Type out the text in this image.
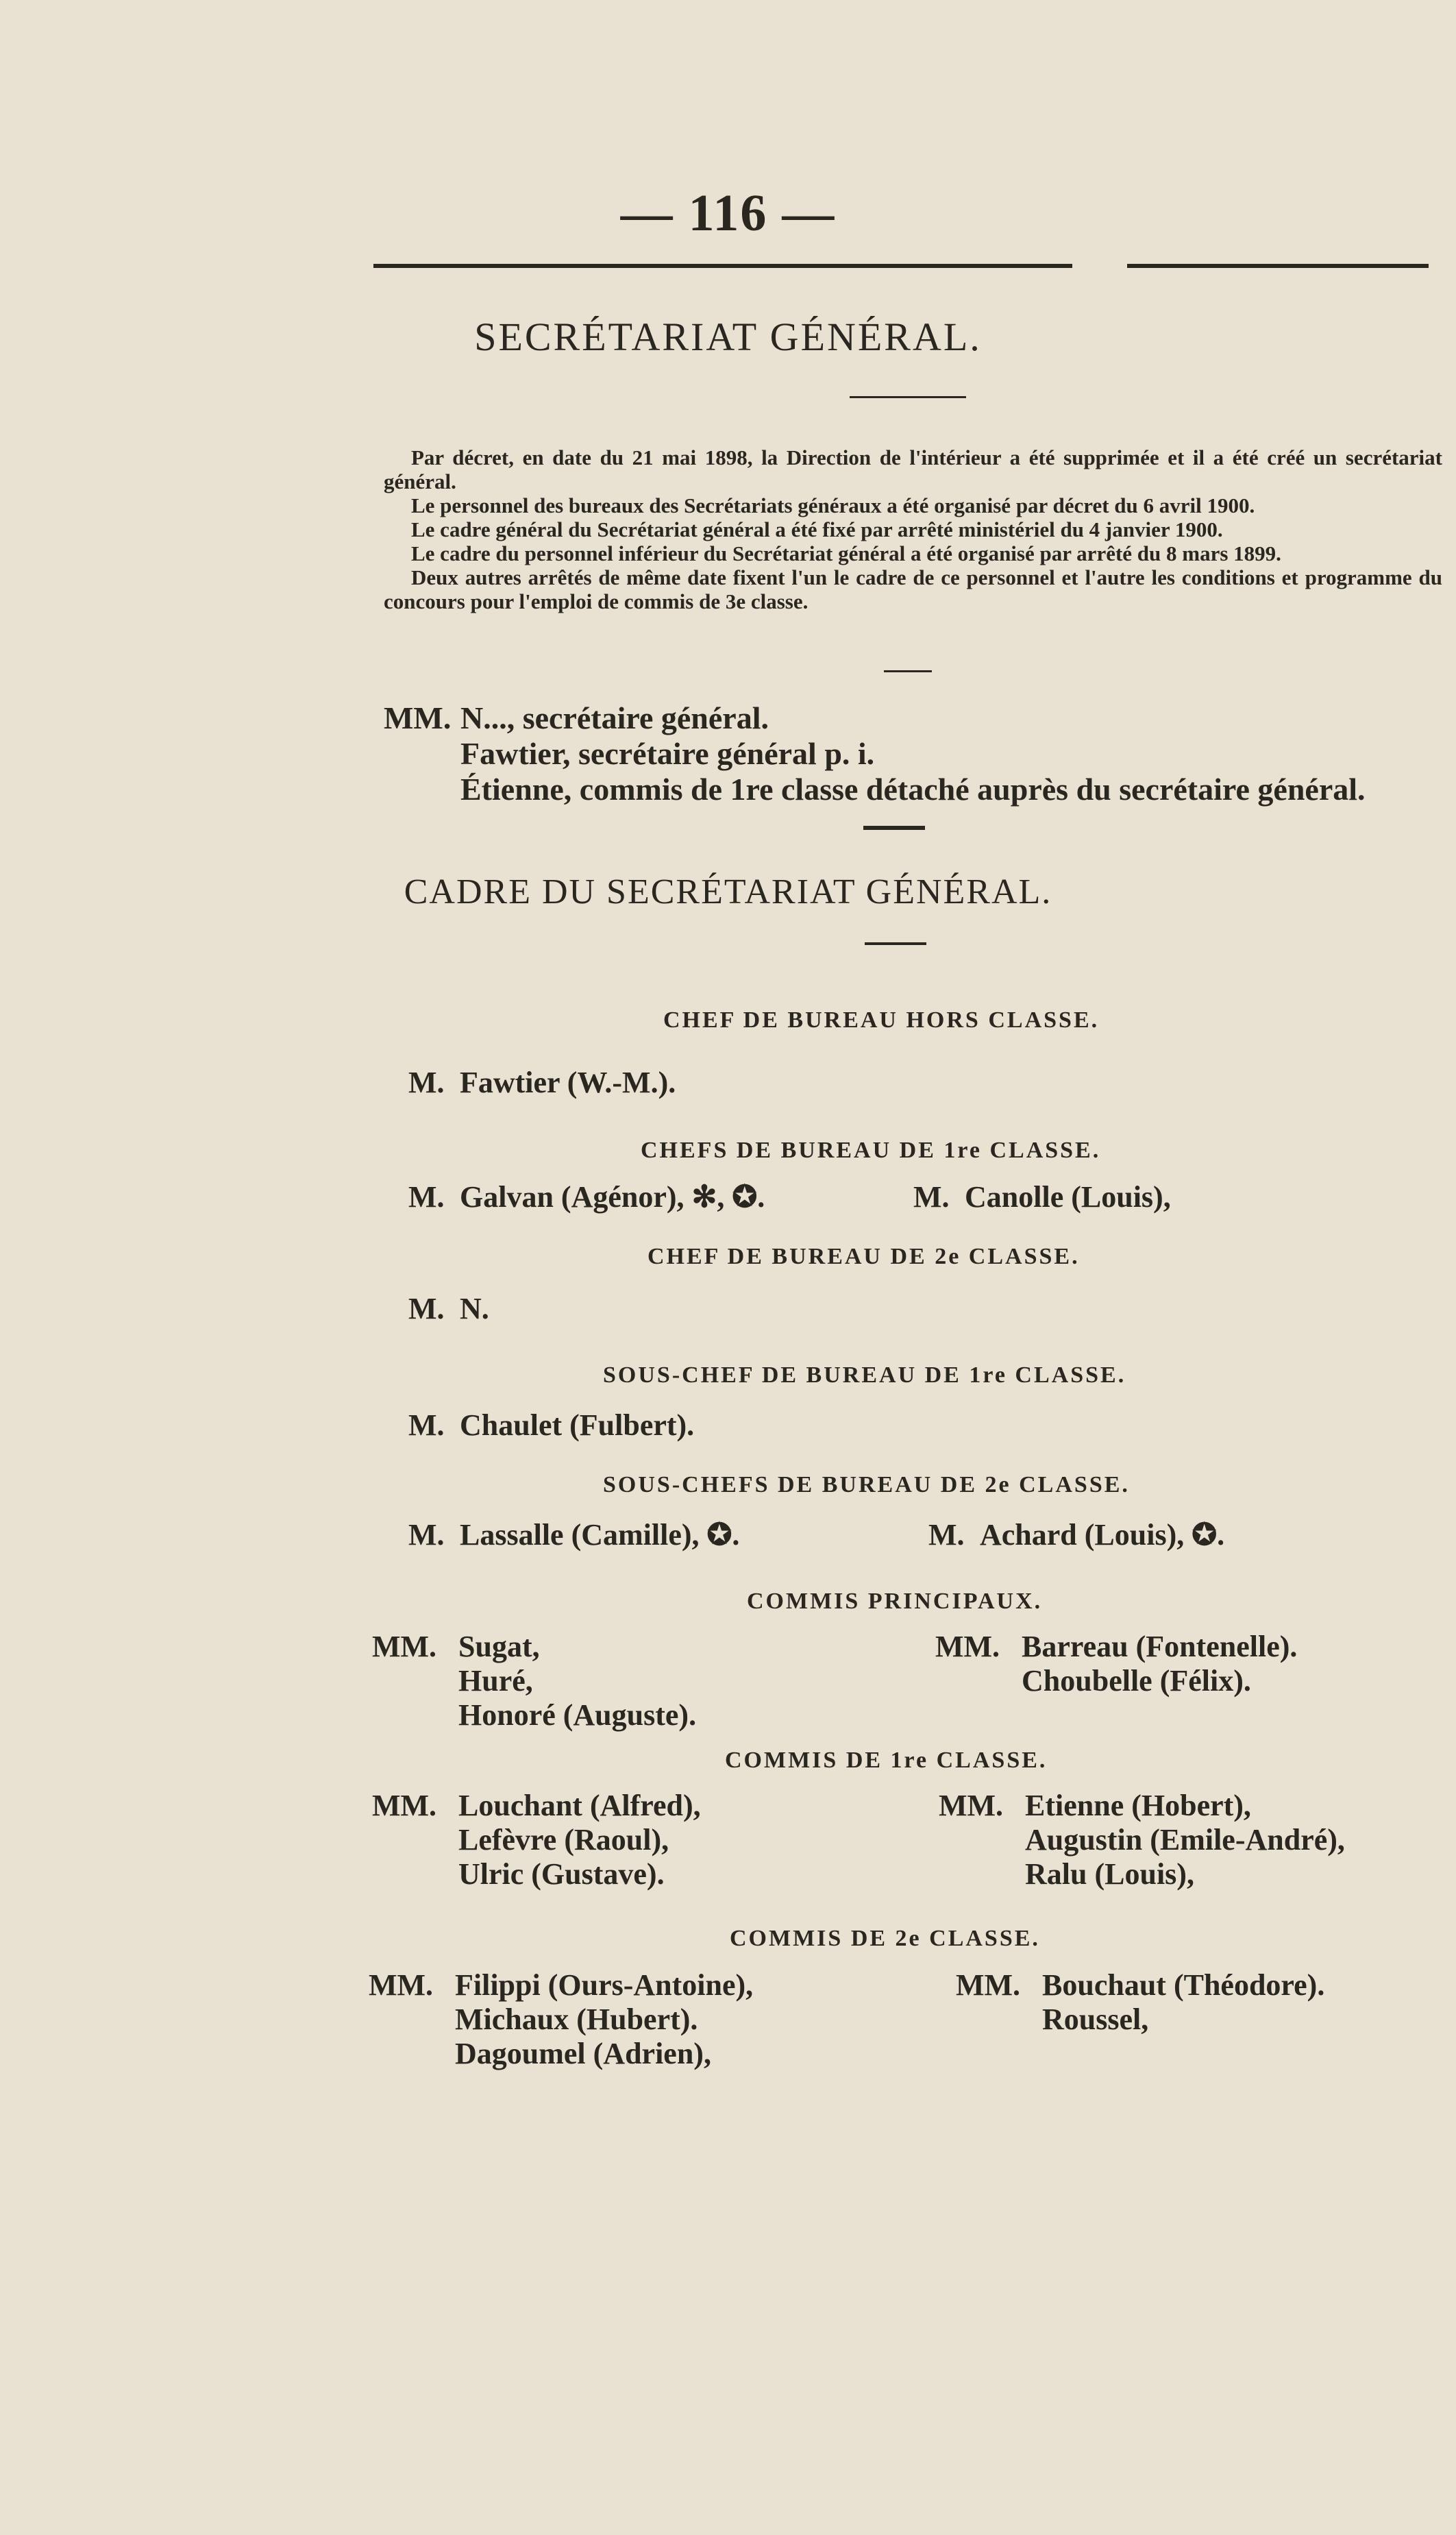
— 116 —
SECRÉTARIAT GÉNÉRAL.

Par décret, en date du 21 mai 1898, la Direction de l'intérieur a été supprimée et il a été créé un secrétariat général.

Le personnel des bureaux des Secrétariats généraux a été organisé par décret du 6 avril 1900.

Le cadre général du Secrétariat général a été fixé par arrêté ministériel du 4 janvier 1900.

Le cadre du personnel inférieur du Secrétariat général a été organisé par arrêté du 8 mars 1899.

Deux autres arrêtés de même date fixent l'un le cadre de ce personnel et l'autre les conditions et programme du concours pour l'emploi de commis de 3e classe.

MM. N..., secrétaire général.
Fawtier, secrétaire général p. i.
Étienne, commis de 1re classe détaché auprès du secrétaire général.
CADRE DU SECRÉTARIAT GÉNÉRAL.
CHEF DE BUREAU HORS CLASSE.
M. Fawtier (W.-M.).
CHEFS DE BUREAU DE 1re CLASSE.
M. Galvan (Agénor), ✻, ✪.	M. Canolle (Louis),
CHEF DE BUREAU DE 2e CLASSE.
M. N.
SOUS-CHEF DE BUREAU DE 1re CLASSE.
M. Chaulet (Fulbert).
SOUS-CHEFS DE BUREAU DE 2e CLASSE.
M. Lassalle (Camille), ✪.	M. Achard (Louis), ✪.
COMMIS PRINCIPAUX.
MM. Sugat,
Huré,
Honoré (Auguste).
MM. Barreau (Fontenelle).
Choubelle (Félix).
COMMIS DE 1re CLASSE.
MM. Louchant (Alfred),
Lefèvre (Raoul),
Ulric (Gustave).
MM. Etienne (Hobert),
Augustin (Emile-André),
Ralu (Louis),
COMMIS DE 2e CLASSE.
MM. Filippi (Ours-Antoine),
Michaux (Hubert).
Dagoumel (Adrien),
MM. Bouchaut (Théodore).
Roussel,
